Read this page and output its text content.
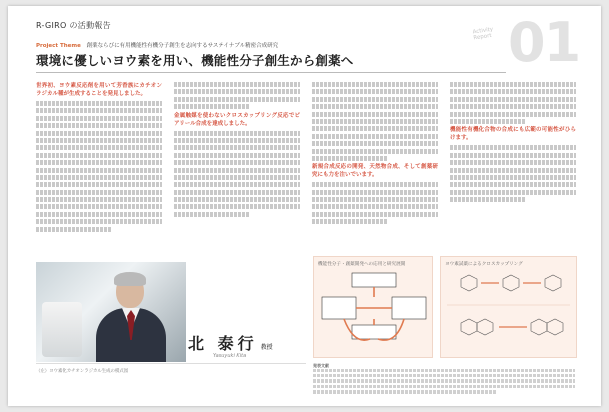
R-GIRO の活動報告
Activity
Report 01
Project Theme 創薬ならびに有用機能性有機分子創生を志向するサステイナブル精密合成研究
環境に優しいヨウ素を用い、機能性分子創生から創薬へ
世界初、ヨウ素反応剤を用いて芳香族にカチオンラジカル種が生成することを発見しました。
金属触媒を使わないクロスカップリング反応でビアリール合成を達成しました。
新規合成反応の開発、天然物合成、そして創薬研究にも力を注いでいます。
機能性有機化合物の合成にも広範の可能性がひらけます。
北 泰行 教授
Yasuyuki Kita
（左）ヨウ素化カチオンラジカル生成の模式図
機能性分子・創薬開発への応用と研究展開	ヨウ素試薬によるクロスカップリング
発表文献
